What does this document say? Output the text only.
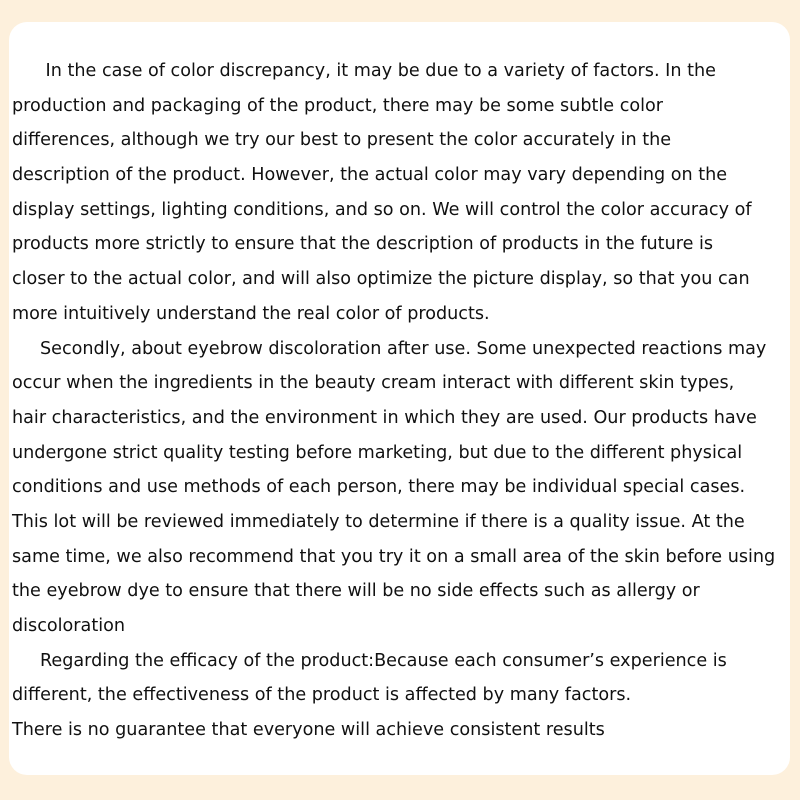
In the case of color discrepancy, it may be due to a variety of factors. In the
production and packaging of the product, there may be some subtle color
differences, although we try our best to present the color accurately in the
description of the product. However, the actual color may vary depending on the
display settings, lighting conditions, and so on. We will control the color accuracy of
products more strictly to ensure that the description of products in the future is
closer to the actual color, and will also optimize the picture display, so that you can
more intuitively understand the real color of products.
Secondly, about eyebrow discoloration after use. Some unexpected reactions may
occur when the ingredients in the beauty cream interact with different skin types,
hair characteristics, and the environment in which they are used. Our products have
undergone strict quality testing before marketing, but due to the different physical
conditions and use methods of each person, there may be individual special cases.
This lot will be reviewed immediately to determine if there is a quality issue. At the
same time, we also recommend that you try it on a small area of the skin before using
the eyebrow dye to ensure that there will be no side effects such as allergy or
discoloration
Regarding the efficacy of the product:Because each consumer’s experience is
different, the effectiveness of the product is affected by many factors.
There is no guarantee that everyone will achieve consistent results
